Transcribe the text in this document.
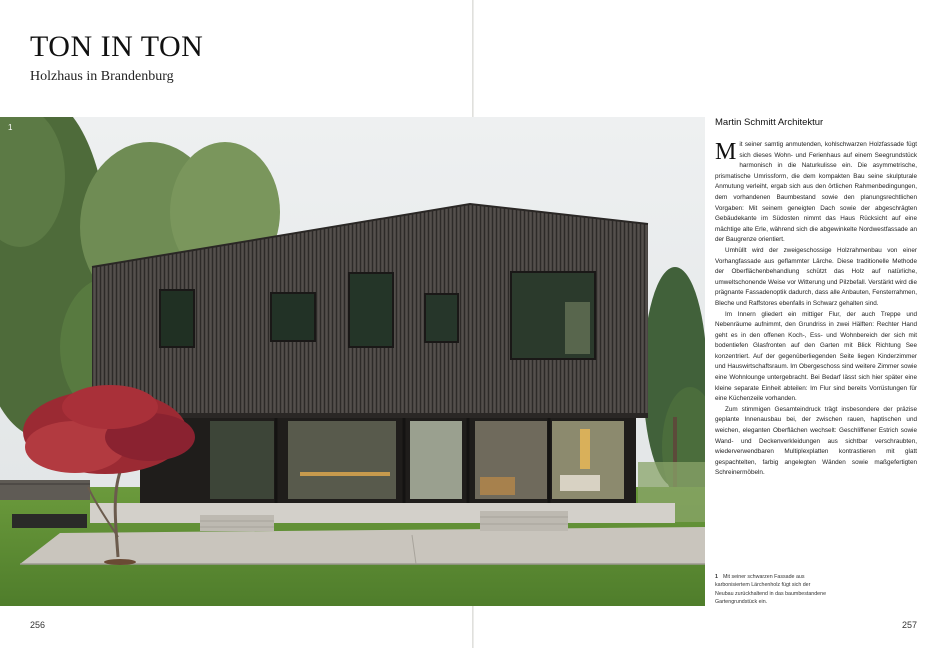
TON IN TON
Holzhaus in Brandenburg
1	Martin Schmitt Architektur

Mit seiner samtig anmutenden, kohlschwarzen Holzfassade fügt sich dieses Wohn- und Ferienhaus auf einem Seegrundstück harmonisch in die Naturkulisse ein. Die asymmetrische, prismatische Umrissform, die dem kompakten Bau seine skulpturale Anmutung verleiht, ergab sich aus den örtlichen Rahmenbedingungen, dem vorhandenen Baumbestand sowie den planungsrechtlichen Vorgaben: Mit seinem geneigten Dach sowie der abgeschrägten Gebäudekante im Südosten nimmt das Haus Rücksicht auf eine mächtige alte Erle, während sich die abgewinkelte Nordwestfassade an der Baugrenze orientiert.

Umhüllt wird der zweigeschossige Holzrahmenbau von einer Vorhangfassade aus geflammter Lärche. Diese traditionelle Methode der Oberflächenbehandlung schützt das Holz auf natürliche, umweltschonende Weise vor Witterung und Pilzbefall. Verstärkt wird die prägnante Fassadenoptik dadurch, dass alle Anbauten, Fensterrahmen, Bleche und Raffstores ebenfalls in Schwarz gehalten sind.

Im Innern gliedert ein mittiger Flur, der auch Treppe und Nebenräume aufnimmt, den Grundriss in zwei Hälften: Rechter Hand geht es in den offenen Koch-, Ess- und Wohnbereich der sich mit bodentiefen Glasfronten auf den Garten mit Blick Richtung See konzentriert. Auf der gegenüberliegenden Seite liegen Kinderzimmer und Hauswirtschaftsraum. Im Obergeschoss sind weitere Zimmer sowie eine Wohnlounge untergebracht. Bei Bedarf lässt sich hier später eine kleine separate Einheit abteilen: Im Flur sind bereits Vorrüstungen für eine Küchenzeile vorhanden.

Zum stimmigen Gesamteindruck trägt insbesondere der präzise geplante Innenausbau bei, der zwischen rauen, haptischen und weichen, eleganten Oberflächen wechselt: Geschliffener Estrich sowie Wand- und Deckenverkleidungen aus sichtbar verschraubten, wiederverwendbaren Multiplexplatten kontrastieren mit glatt gespachtelten, farbig angelegten Wänden sowie maßgefertigten Schreinermöbeln.

1 Mit seiner schwarzen Fassade aus karbonisiertem Lärchenholz fügt sich der Neubau zurückhaltend in das baumbestandene Gartengrundstück ein.
256	257
